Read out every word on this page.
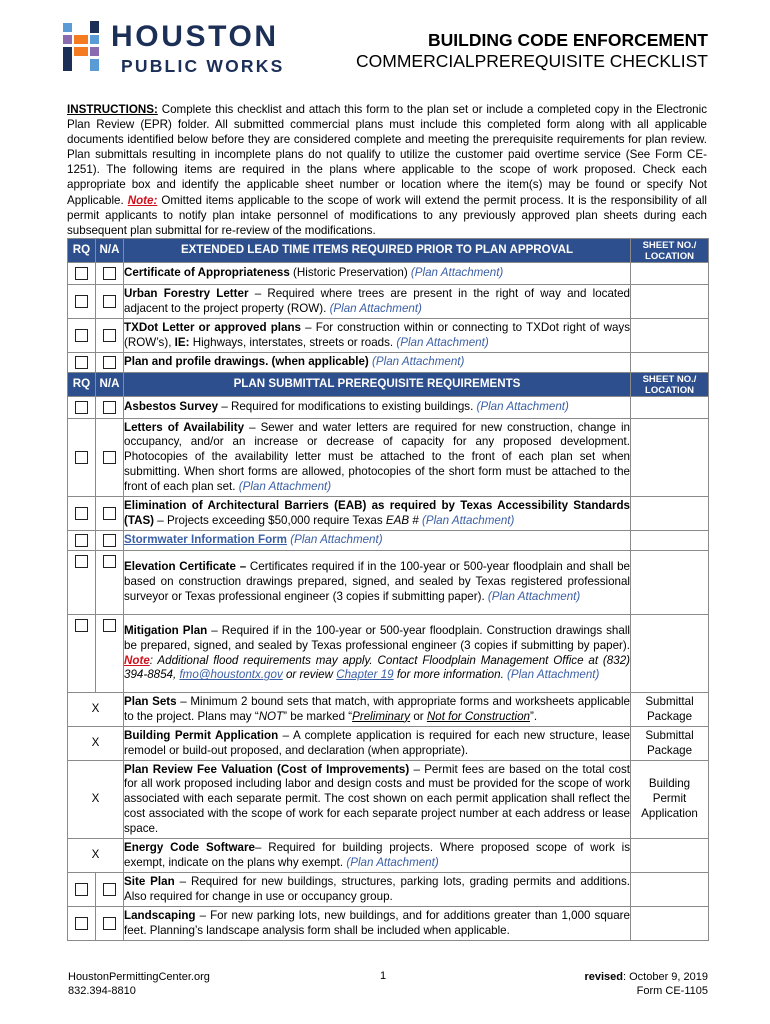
HOUSTON
PUBLIC WORKS
BUILDING CODE ENFORCEMENT
COMMERCIALPREREQUISITE CHECKLIST
INSTRUCTIONS: Complete this checklist and attach this form to the plan set or include a completed copy in the Electronic Plan Review (EPR) folder. All submitted commercial plans must include this completed form along with all applicable documents identified below before they are considered complete and meeting the prerequisite requirements for plan review. Plan submittals resulting in incomplete plans do not qualify to utilize the customer paid overtime service (See Form CE-1251). The following items are required in the plans where applicable to the scope of work proposed. Check each appropriate box and identify the applicable sheet number or location where the item(s) may be found or specify Not Applicable. Note: Omitted items applicable to the scope of work will extend the permit process. It is the responsibility of all permit applicants to notify plan intake personnel of modifications to any previously approved plan sheets during each subsequent plan submittal for re-review of the modifications.
RQ	N/A	EXTENDED LEAD TIME ITEMS REQUIRED PRIOR TO PLAN APPROVAL	SHEET NO./ LOCATION
		Certificate of Appropriateness (Historic Preservation) (Plan Attachment)	
		Urban Forestry Letter – Required where trees are present in the right of way and located adjacent to the project property (ROW). (Plan Attachment)	
		TXDot Letter or approved plans – For construction within or connecting to TXDot right of ways (ROW’s), IE: Highways, interstates, streets or roads. (Plan Attachment)	
		Plan and profile drawings. (when applicable) (Plan Attachment)	
RQ	N/A	PLAN SUBMITTAL PREREQUISITE REQUIREMENTS	SHEET NO./ LOCATION
		Asbestos Survey – Required for modifications to existing buildings. (Plan Attachment)	
		Letters of Availability – Sewer and water letters are required for new construction, change in occupancy, and/or an increase or decrease of capacity for any proposed development. Photocopies of the availability letter must be attached to the front of each plan set when submitting. When short forms are allowed, photocopies of the short form must be attached to the front of each plan set. (Plan Attachment)	
		Elimination of Architectural Barriers (EAB) as required by Texas Accessibility Standards (TAS) – Projects exceeding $50,000 require Texas EAB # (Plan Attachment)	
		Stormwater Information Form (Plan Attachment)	
		Elevation Certificate – Certificates required if in the 100-year or 500-year floodplain and shall be based on construction drawings prepared, signed, and sealed by Texas registered professional surveyor or Texas professional engineer (3 copies if submitting paper). (Plan Attachment)	
		Mitigation Plan – Required if in the 100-year or 500-year floodplain. Construction drawings shall be prepared, signed, and sealed by Texas professional engineer (3 copies if submitting by paper). Note: Additional flood requirements may apply. Contact Floodplain Management Office at (832) 394-8854, fmo@houstontx.gov or review Chapter 19 for more information. (Plan Attachment)	
X		Plan Sets – Minimum 2 bound sets that match, with appropriate forms and worksheets applicable to the project. Plans may “NOT” be marked “Preliminary or Not for Construction”.	Submittal Package
X		Building Permit Application – A complete application is required for each new structure, lease remodel or build-out proposed, and declaration (when appropriate).	Submittal Package
X		Plan Review Fee Valuation (Cost of Improvements) – Permit fees are based on the total cost for all work proposed including labor and design costs and must be provided for the scope of work associated with each separate permit. The cost shown on each permit application shall reflect the cost associated with the scope of work for each separate project number at each address or lease space.	Building Permit Application
X		Energy Code Software– Required for building projects. Where proposed scope of work is exempt, indicate on the plans why exempt. (Plan Attachment)	
		Site Plan – Required for new buildings, structures, parking lots, grading permits and additions. Also required for change in use or occupancy group.	
		Landscaping – For new parking lots, new buildings, and for additions greater than 1,000 square feet. Planning’s landscape analysis form shall be included when applicable.	
HoustonPermittingCenter.org
832.394-8810
1	revised: October 9, 2019
Form CE-1105
